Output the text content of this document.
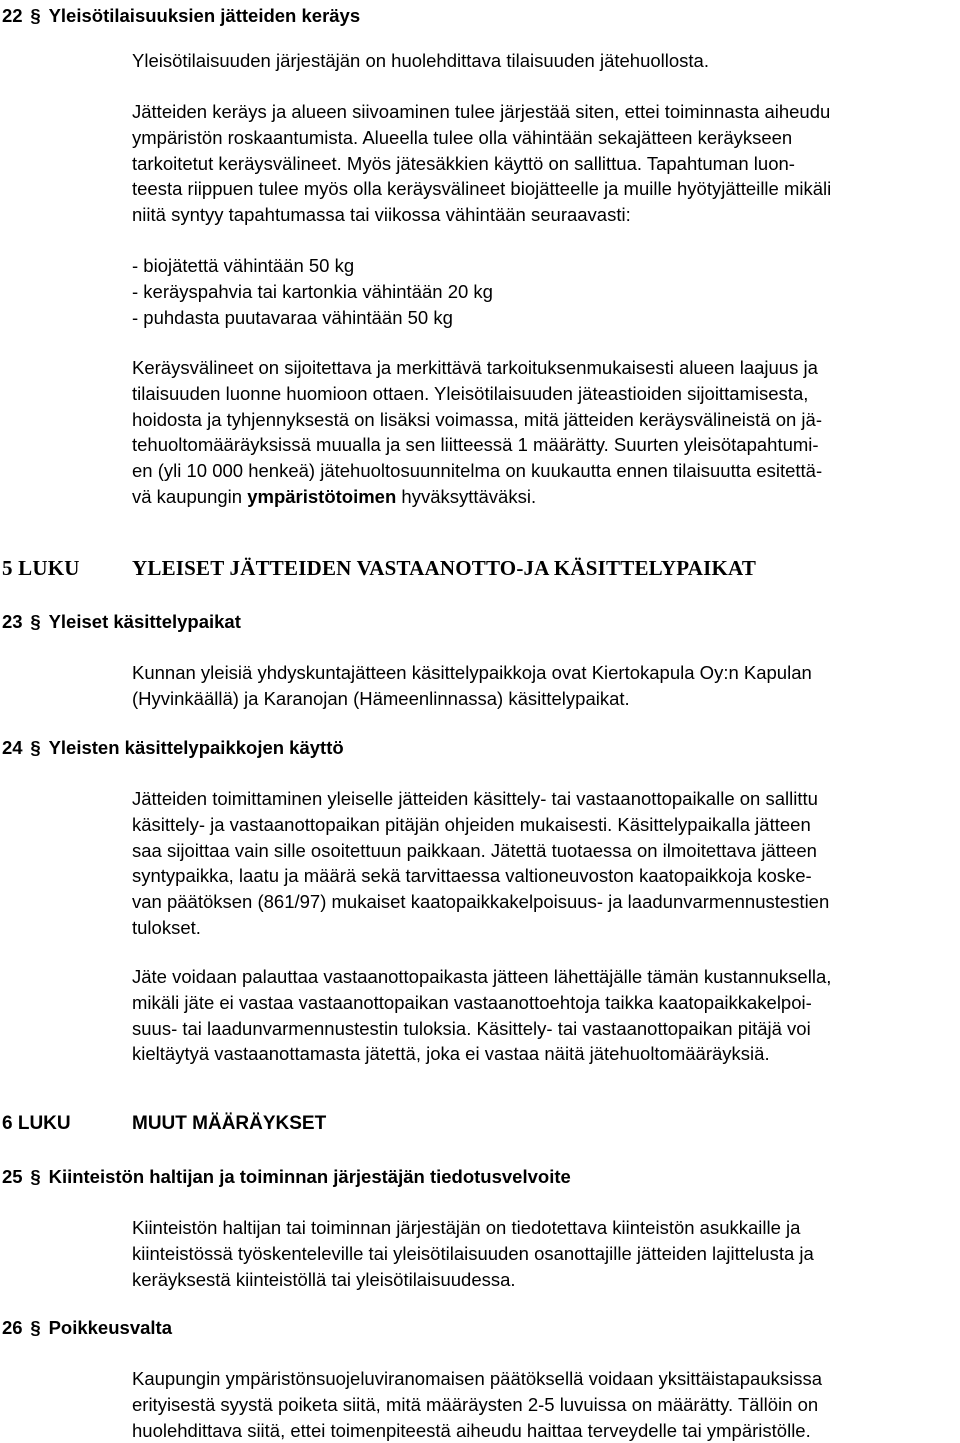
22 § Yleisötilaisuuksien jätteiden keräys
Yleisötilaisuuden järjestäjän on huolehdittava tilaisuuden jätehuollosta.
Jätteiden keräys ja alueen siivoaminen tulee järjestää siten, ettei toiminnasta aiheudu
ympäristön roskaantumista. Alueella tulee olla vähintään sekajätteen keräykseen
tarkoitetut keräysvälineet. Myös jätesäkkien käyttö on sallittua. Tapahtuman luon-
teesta riippuen tulee myös olla keräysvälineet biojätteelle ja muille hyötyjätteille mikäli
niitä syntyy tapahtumassa tai viikossa vähintään seuraavasti:
- biojätettä vähintään 50 kg
- keräyspahvia tai kartonkia vähintään 20 kg
- puhdasta puutavaraa vähintään 50 kg
Keräysvälineet on sijoitettava ja merkittävä tarkoituksenmukaisesti alueen laajuus ja
tilaisuuden luonne huomioon ottaen. Yleisötilaisuuden jäteastioiden sijoittamisesta,
hoidosta ja tyhjennyksestä on lisäksi voimassa, mitä jätteiden keräysvälineistä on jä-
tehuoltomääräyksissä muualla ja sen liitteessä 1 määrätty. Suurten yleisötapahtumi-
en (yli 10 000 henkeä) jätehuoltosuunnitelma on kuukautta ennen tilaisuutta esitettä-
vä kaupungin ympäristötoimen hyväksyttäväksi.
5 LUKU YLEISET JÄTTEIDEN VASTAANOTTO-JA KÄSITTELYPAIKAT
23 § Yleiset käsittelypaikat
Kunnan yleisiä yhdyskuntajätteen käsittelypaikkoja ovat Kiertokapula Oy:n Kapulan
(Hyvinkäällä) ja Karanojan (Hämeenlinnassa) käsittelypaikat.
24 § Yleisten käsittelypaikkojen käyttö
Jätteiden toimittaminen yleiselle jätteiden käsittely- tai vastaanottopaikalle on sallittu
käsittely- ja vastaanottopaikan pitäjän ohjeiden mukaisesti. Käsittelypaikalla jätteen
saa sijoittaa vain sille osoitettuun paikkaan. Jätettä tuotaessa on ilmoitettava jätteen
syntypaikka, laatu ja määrä sekä tarvittaessa valtioneuvoston kaatopaikkoja koske-
van päätöksen (861/97) mukaiset kaatopaikkakelpoisuus- ja laadunvarmennustestien
tulokset.
Jäte voidaan palauttaa vastaanottopaikasta jätteen lähettäjälle tämän kustannuksella,
mikäli jäte ei vastaa vastaanottopaikan vastaanottoehtoja taikka kaatopaikkakelpoi-
suus- tai laadunvarmennustestin tuloksia. Käsittely- tai vastaanottopaikan pitäjä voi
kieltäytyä vastaanottamasta jätettä, joka ei vastaa näitä jätehuoltomääräyksiä.
6 LUKU	MUUT MÄÄRÄYKSET
25 § Kiinteistön haltijan ja toiminnan järjestäjän tiedotusvelvoite
Kiinteistön haltijan tai toiminnan järjestäjän on tiedotettava kiinteistön asukkaille ja
kiinteistössä työskenteleville tai yleisötilaisuuden osanottajille jätteiden lajittelusta ja
keräyksestä kiinteistöllä tai yleisötilaisuudessa.
26 § Poikkeusvalta
Kaupungin ympäristönsuojeluviranomaisen päätöksellä voidaan yksittäistapauksissa
erityisestä syystä poiketa siitä, mitä määräysten 2-5 luvuissa on määrätty. Tällöin on
huolehdittava siitä, ettei toimenpiteestä aiheudu haittaa terveydelle tai ympäristölle.
